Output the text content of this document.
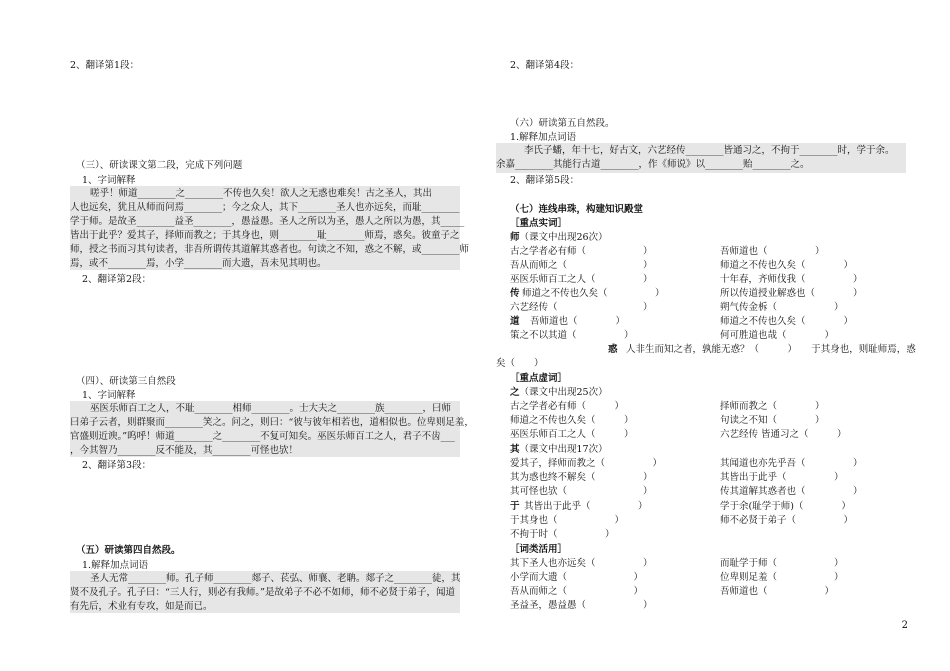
2、翻译第1段：
（三）、研读课文第二段，完成下列问题
1、字词解释
嗟乎！师道________之________不传也久矣！欲人之无惑也难矣！古之圣人，其出
人也远矣，犹且从师而问焉________；今之众人，其下________圣人也亦远矣，而耻________
学于师。是故圣________益圣________，愚益愚。圣人之所以为圣，愚人之所以为愚，其_____
皆出于此乎？爱其子，择师而教之；于其身也，则________耻________师焉，惑矣。彼童子之
师，授之书而习其句读者，非吾所谓传其道解其惑者也。句读之不知，惑之不解，或________师
焉，或不________焉，小学________而大遗，吾未见其明也。
2、翻译第2段：
（四）、研读第三自然段
1、字词解释
巫医乐师百工之人，不耻________相师________。士大夫之________族________，曰师
曰弟子云者，则群聚而________笑之。问之，则曰：“彼与彼年相若也，道相似也。位卑则足羞，
官盛则近谀。”呜呼！师道________之________不复可知矣。巫医乐师百工之人，君子不齿___
，今其智乃________反不能及，其________可怪也欤！
2、翻译第3段：
（五）研读第四自然段。
1.解释加点词语
圣人无常________师。孔子师________郯子、苌弘、师襄、老聃。郯子之________徒，其
贤不及孔子。孔子曰：“三人行，则必有我师。”是故弟子不必不如师，师不必贤于弟子，闻道
有先后，术业有专攻，如是而已。
2、翻译第4段：
（六）研读第五自然段。
1.解释加点词语
李氏子蟠，年十七，好古文，六艺经传________皆通习之，不拘于________时，学于余。
余嘉________其能行古道________，作《师说》以________贻________之。
2、翻译第5段：
（七）连线串珠，构建知识殿堂
［重点实词］
师（课文中出现26次）
古之学者必有师（　　　　　　）	吾师道也（　　　　　）
吾从而师之（　　　　　　　　）	师道之不传也久矣（　　　　）
巫医乐师百工之人（　　　　　）	十年春，齐师伐我（　　　　　）
传 师道之不传也久矣（　　　　　）	所以传道授业解惑也（　　　　）
六艺经传（　　　　　　　　　）	朔气传金柝（　　　　　　）
道 吾师道也（　　　　）	师道之不传也久矣（　　　　）
策之不以其道（　　　　　）	何可胜道也哉（　　　　）
惑 人非生而知之者，孰能无惑？（　　　）　　于其身也，则耻师焉，惑
矣（　　）
［重点虚词］
之（课文中出现25次）
古之学者必有师（　　　）	择师而教之（　　　　）
师道之不传也久矣（　　　）	句读之不知（　　　　）
巫医乐师百工之人（　　　）	六艺经传 皆通习之（　　　）
其（课文中出现17次）
爱其子，择师而教之（　　　　　）	其闻道也亦先乎吾（　　　　　）
其为惑也终不解矣（　　　　　）	其皆出于此乎（　　　　　）
其可怪也欤（　　　　　　　　）	传其道解其惑者也（　　　　　）
于 其皆出于此乎（　　　　　）	学于余(耻学于师)（　　　　）
于其身也（　　　　　　）	师不必贤于弟子（　　　　　）
不拘于时（　　　　　）
［词类活用］
其下圣人也亦远矣（　　　　　）	而耻学于师（　　　　　　）
小学而大遗（　　　　　　　）	位卑则足羞（　　　　　　）
吾从而师之（　　　　　　　）	吾师道也（　　　　　　）
圣益圣，愚益愚（　　　　　　）
2
